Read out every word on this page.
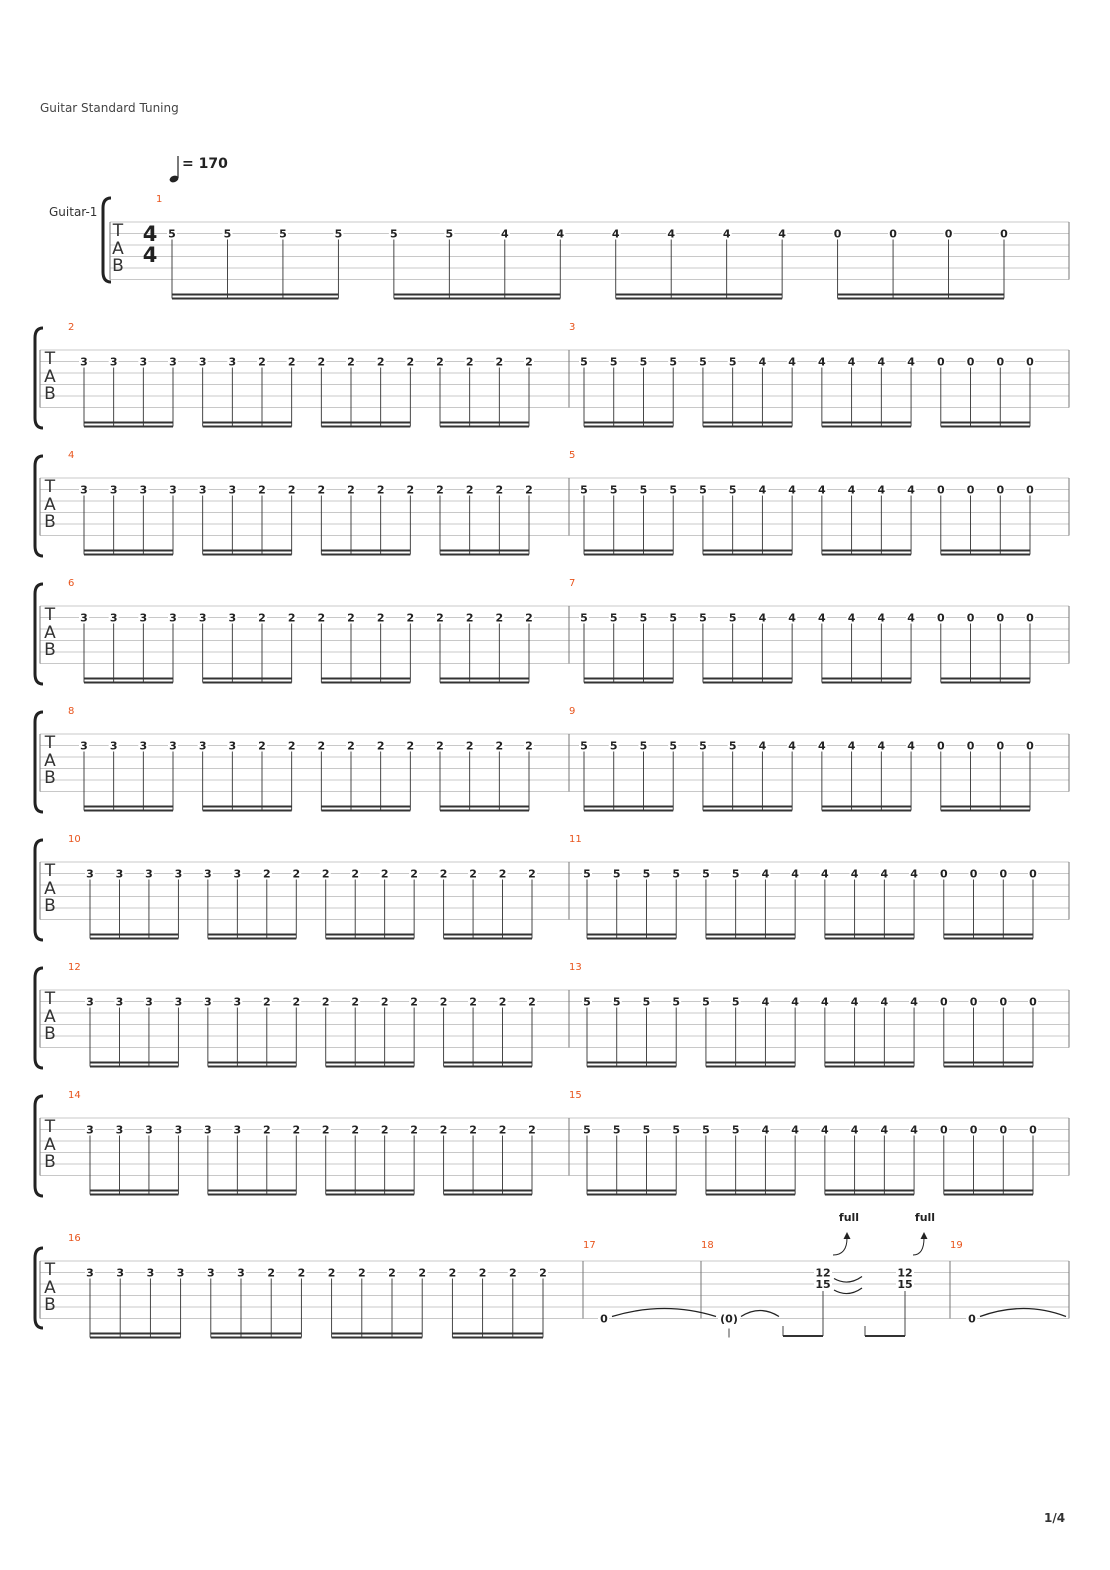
Guitar Standard Tuning
= 170
Guitar-1
T
A
B
4
4
1
5	5	5	5	5	5	4	4	4	4	4	4	0	0	0	0
T
A
B
2
3 3 3 3 3 3 2 2 2 2 2 2 2 2 2 2
3
5 5 5 5 5 5 4 4 4 4 4 4 0 0 0 0
T
A
B
4
3 3 3 3 3 3 2 2 2 2 2 2 2 2 2 2
5
5 5 5 5 5 5 4 4 4 4 4 4 0 0 0 0
T
A
B
6
3 3 3 3 3 3 2 2 2 2 2 2 2 2 2 2
7
5 5 5 5 5 5 4 4 4 4 4 4 0 0 0 0
T
A
B
8
3 3 3 3 3 3 2 2 2 2 2 2 2 2 2 2
9
5 5 5 5 5 5 4 4 4 4 4 4 0 0 0 0
T
A
B
10
3 3 3 3 3 3 2 2 2 2 2 2 2 2 2 2
11
5 5 5 5 5 5 4 4 4 4 4 4 0 0 0 0
T
A
B
12
3 3 3 3 3 3 2 2 2 2 2 2 2 2 2 2
13
5 5 5 5 5 5 4 4 4 4 4 4 0 0 0 0
T
A
B
14
3 3 3 3 3 3 2 2 2 2 2 2 2 2 2 2
15
5 5 5 5 5 5 4 4 4 4 4 4 0 0 0 0
T
A
B
16
3 3 3 3 3 3 2 2 2 2 2 2 2 2 2 2
17
0
18
(0)
12
15
12
15
full	full
19
0
1/4
